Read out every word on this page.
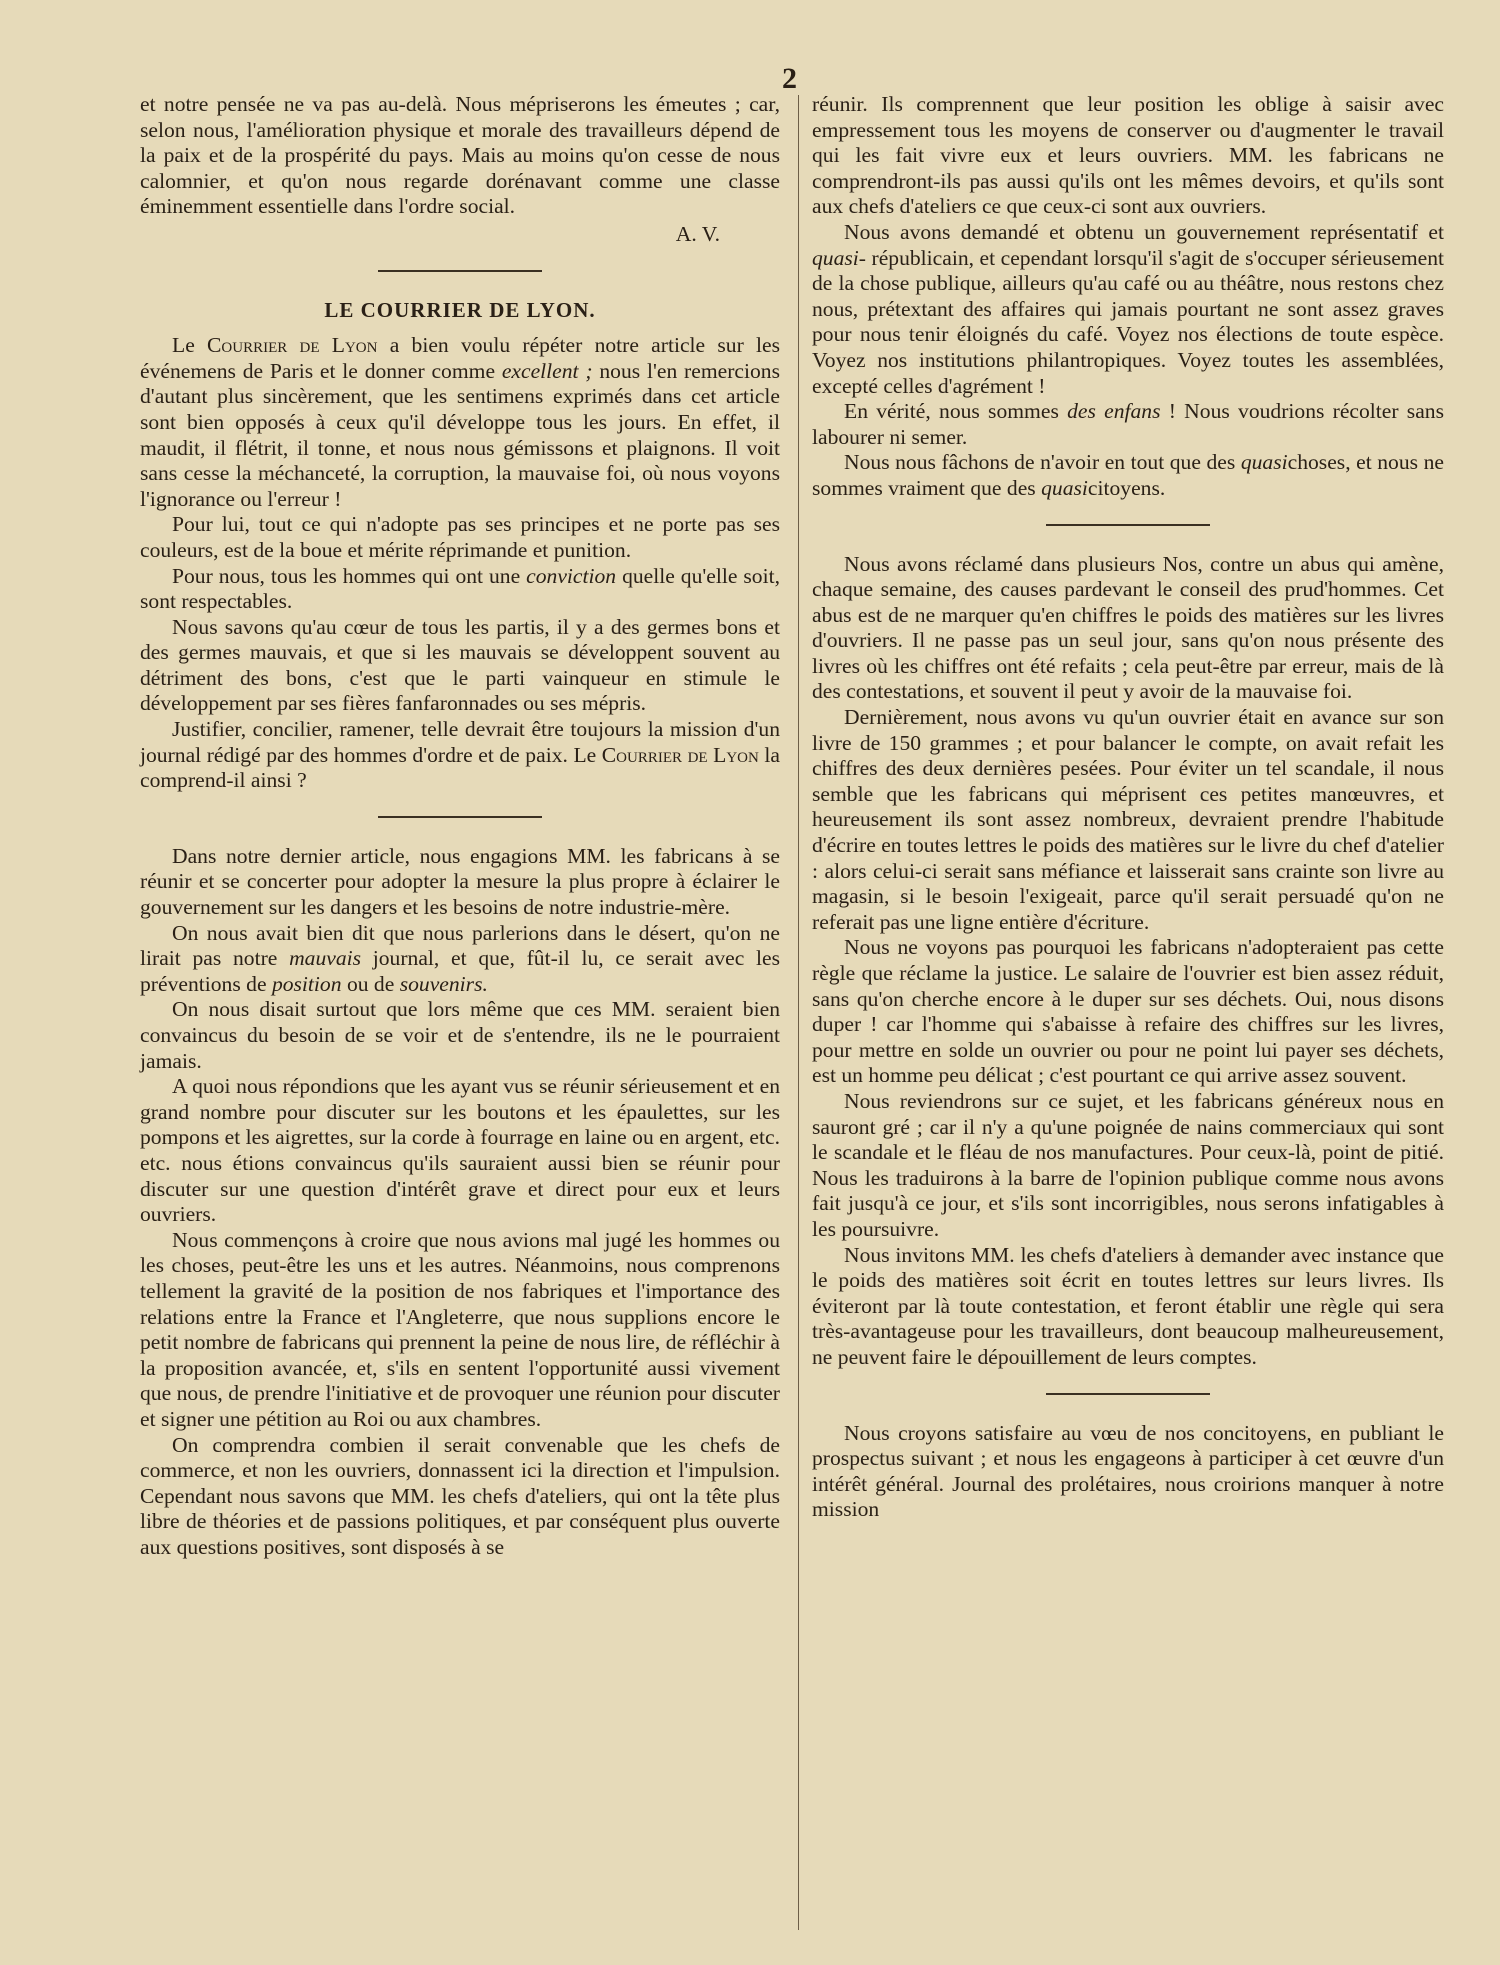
2

et notre pensée ne va pas au-delà. Nous mépriserons les émeutes ; car, selon nous, l'amélioration physique et morale des travailleurs dépend de la paix et de la prospérité du pays. Mais au moins qu'on cesse de nous calomnier, et qu'on nous regarde dorénavant comme une classe éminemment essentielle dans l'ordre social.

A. V.
LE COURRIER DE LYON.

Le Courrier de Lyon a bien voulu répéter notre article sur les événemens de Paris et le donner comme excellent ; nous l'en remercions d'autant plus sincèrement, que les sentimens exprimés dans cet article sont bien opposés à ceux qu'il développe tous les jours. En effet, il maudit, il flétrit, il tonne, et nous nous gémissons et plaignons. Il voit sans cesse la méchanceté, la corruption, la mauvaise foi, où nous voyons l'ignorance ou l'erreur !

Pour lui, tout ce qui n'adopte pas ses principes et ne porte pas ses couleurs, est de la boue et mérite réprimande et punition.

Pour nous, tous les hommes qui ont une conviction quelle qu'elle soit, sont respectables.

Nous savons qu'au cœur de tous les partis, il y a des germes bons et des germes mauvais, et que si les mauvais se développent souvent au détriment des bons, c'est que le parti vainqueur en stimule le développement par ses fières fanfaronnades ou ses mépris.

Justifier, concilier, ramener, telle devrait être toujours la mission d'un journal rédigé par des hommes d'ordre et de paix. Le Courrier de Lyon la comprend-il ainsi ?

Dans notre dernier article, nous engagions MM. les fabricans à se réunir et se concerter pour adopter la mesure la plus propre à éclairer le gouvernement sur les dangers et les besoins de notre industrie-mère.

On nous avait bien dit que nous parlerions dans le désert, qu'on ne lirait pas notre mauvais journal, et que, fût-il lu, ce serait avec les préventions de position ou de souvenirs.

On nous disait surtout que lors même que ces MM. seraient bien convaincus du besoin de se voir et de s'entendre, ils ne le pourraient jamais.

A quoi nous répondions que les ayant vus se réunir sérieusement et en grand nombre pour discuter sur les boutons et les épaulettes, sur les pompons et les aigrettes, sur la corde à fourrage en laine ou en argent, etc. etc. nous étions convaincus qu'ils sauraient aussi bien se réunir pour discuter sur une question d'intérêt grave et direct pour eux et leurs ouvriers.

Nous commençons à croire que nous avions mal jugé les hommes ou les choses, peut-être les uns et les autres. Néanmoins, nous comprenons tellement la gravité de la position de nos fabriques et l'importance des relations entre la France et l'Angleterre, que nous supplions encore le petit nombre de fabricans qui prennent la peine de nous lire, de réfléchir à la proposition avancée, et, s'ils en sentent l'opportunité aussi vivement que nous, de prendre l'initiative et de provoquer une réunion pour discuter et signer une pétition au Roi ou aux chambres.

On comprendra combien il serait convenable que les chefs de commerce, et non les ouvriers, donnassent ici la direction et l'impulsion. Cependant nous savons que MM. les chefs d'ateliers, qui ont la tête plus libre de théories et de passions politiques, et par conséquent plus ouverte aux questions positives, sont disposés à se

réunir. Ils comprennent que leur position les oblige à saisir avec empressement tous les moyens de conserver ou d'augmenter le travail qui les fait vivre eux et leurs ouvriers. MM. les fabricans ne comprendront-ils pas aussi qu'ils ont les mêmes devoirs, et qu'ils sont aux chefs d'ateliers ce que ceux-ci sont aux ouvriers.

Nous avons demandé et obtenu un gouvernement représentatif et quasi- républicain, et cependant lorsqu'il s'agit de s'occuper sérieusement de la chose publique, ailleurs qu'au café ou au théâtre, nous restons chez nous, prétextant des affaires qui jamais pourtant ne sont assez graves pour nous tenir éloignés du café. Voyez nos élections de toute espèce. Voyez nos institutions philantropiques. Voyez toutes les assemblées, excepté celles d'agrément !

En vérité, nous sommes des enfans ! Nous voudrions récolter sans labourer ni semer.

Nous nous fâchons de n'avoir en tout que des quasichoses, et nous ne sommes vraiment que des quasicitoyens.

Nous avons réclamé dans plusieurs Nos, contre un abus qui amène, chaque semaine, des causes pardevant le conseil des prud'hommes. Cet abus est de ne marquer qu'en chiffres le poids des matières sur les livres d'ouvriers. Il ne passe pas un seul jour, sans qu'on nous présente des livres où les chiffres ont été refaits ; cela peut-être par erreur, mais de là des contestations, et souvent il peut y avoir de la mauvaise foi.

Dernièrement, nous avons vu qu'un ouvrier était en avance sur son livre de 150 grammes ; et pour balancer le compte, on avait refait les chiffres des deux dernières pesées. Pour éviter un tel scandale, il nous semble que les fabricans qui méprisent ces petites manœuvres, et heureusement ils sont assez nombreux, devraient prendre l'habitude d'écrire en toutes lettres le poids des matières sur le livre du chef d'atelier : alors celui-ci serait sans méfiance et laisserait sans crainte son livre au magasin, si le besoin l'exigeait, parce qu'il serait persuadé qu'on ne referait pas une ligne entière d'écriture.

Nous ne voyons pas pourquoi les fabricans n'adopteraient pas cette règle que réclame la justice. Le salaire de l'ouvrier est bien assez réduit, sans qu'on cherche encore à le duper sur ses déchets. Oui, nous disons duper ! car l'homme qui s'abaisse à refaire des chiffres sur les livres, pour mettre en solde un ouvrier ou pour ne point lui payer ses déchets, est un homme peu délicat ; c'est pourtant ce qui arrive assez souvent.

Nous reviendrons sur ce sujet, et les fabricans généreux nous en sauront gré ; car il n'y a qu'une poignée de nains commerciaux qui sont le scandale et le fléau de nos manufactures. Pour ceux-là, point de pitié. Nous les traduirons à la barre de l'opinion publique comme nous avons fait jusqu'à ce jour, et s'ils sont incorrigibles, nous serons infatigables à les poursuivre.

Nous invitons MM. les chefs d'ateliers à demander avec instance que le poids des matières soit écrit en toutes lettres sur leurs livres. Ils éviteront par là toute contestation, et feront établir une règle qui sera très-avantageuse pour les travailleurs, dont beaucoup malheureusement, ne peuvent faire le dépouillement de leurs comptes.

Nous croyons satisfaire au vœu de nos concitoyens, en publiant le prospectus suivant ; et nous les engageons à participer à cet œuvre d'un intérêt général. Journal des prolétaires, nous croirions manquer à notre mission
